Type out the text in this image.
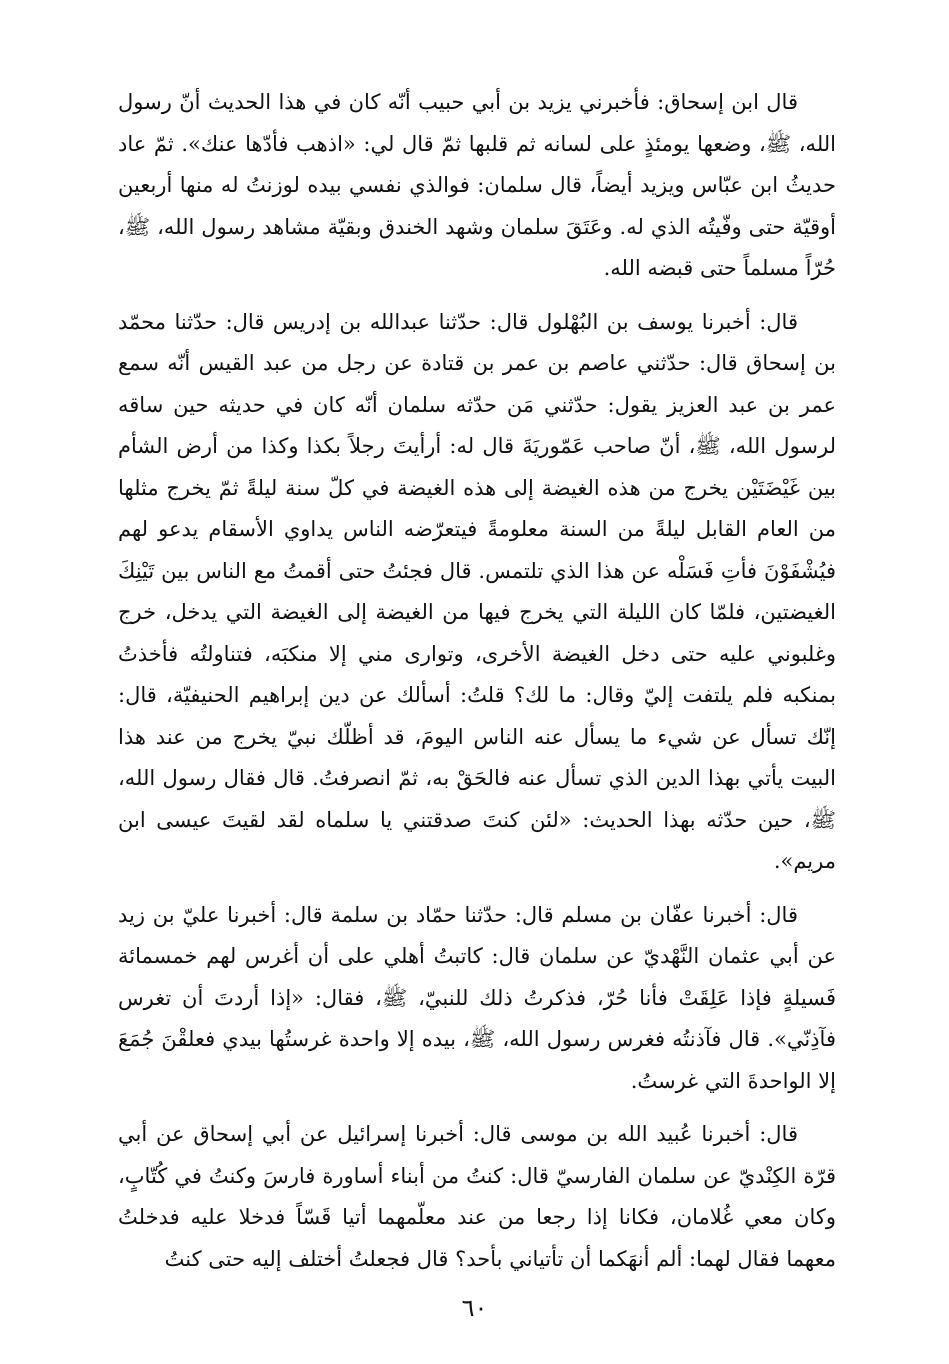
قال ابن إسحاق: فأخبرني يزيد بن أبي حبيب أنّه كان في هذا الحديث أنّ رسول الله، ﷺ، وضعها يومئذٍ على لسانه ثم قلبها ثمّ قال لي: «اذهب فأدّها عنك». ثمّ عاد حديثُ ابن عبّاس ويزيد أيضاً، قال سلمان: فوالذي نفسي بيده لوزنتُ له منها أربعين أوقيّة حتى وفّيتُه الذي له. وعَتَقَ سلمان وشهد الخندق وبقيّة مشاهد رسول الله، ﷺ، حُرّاً مسلماً حتى قبضه الله.

قال: أخبرنا يوسف بن البُهْلول قال: حدّثنا عبدالله بن إدريس قال: حدّثنا محمّد بن إسحاق قال: حدّثني عاصم بن عمر بن قتادة عن رجل من عبد القيس أنّه سمع عمر بن عبد العزيز يقول: حدّثني مَن حدّثه سلمان أنّه كان في حديثه حين ساقه لرسول الله، ﷺ، أنّ صاحب عَمّوريَةَ قال له: أرأيتَ رجلاً بكذا وكذا من أرض الشأم بين غَيْضَتَيْن يخرج من هذه الغيضة إلى هذه الغيضة في كلّ سنة ليلةً ثمّ يخرج مثلها من العام القابل ليلةً من السنة معلومةً فيتعرّضه الناس يداوي الأسقام يدعو لهم فيُشْفَوْنَ فأتِ فَسَلْه عن هذا الذي تلتمس. قال فجئتُ حتى أقمتُ مع الناس بين تَيْنِكَ الغيضتين، فلمّا كان الليلة التي يخرج فيها من الغيضة إلى الغيضة التي يدخل، خرج وغلبوني عليه حتى دخل الغيضة الأخرى، وتوارى مني إلا منكبَه، فتناولتُه فأخذتُ بمنكبه فلم يلتفت إليّ وقال: ما لك؟ قلتُ: أسألك عن دين إبراهيم الحنيفيّة، قال: إنّك تسأل عن شيء ما يسأل عنه الناس اليومَ، قد أظلّك نبيّ يخرج من عند هذا البيت يأتي بهذا الدين الذي تسأل عنه فالحَقْ به، ثمّ انصرفتُ. قال فقال رسول الله، ﷺ، حين حدّثه بهذا الحديث: «لئن كنتَ صدقتني يا سلماه لقد لقيتَ عيسى ابن مريم».

قال: أخبرنا عفّان بن مسلم قال: حدّثنا حمّاد بن سلمة قال: أخبرنا عليّ بن زيد عن أبي عثمان النَّهْديّ عن سلمان قال: كاتبتُ أهلي على أن أغرس لهم خمسمائة فَسيلةٍ فإذا عَلِقَتْ فأنا حُرّ، فذكرتُ ذلك للنبيّ، ﷺ، فقال: «إذا أردتَ أن تغرس فآذِنّي». قال فآذنتُه فغرس رسول الله، ﷺ، بيده إلا واحدة غرستُها بيدي فعلقْنَ جُمَعَ إلا الواحدةَ التي غرستُ.

قال: أخبرنا عُبيد الله بن موسى قال: أخبرنا إسرائيل عن أبي إسحاق عن أبي قرّة الكِنْديّ عن سلمان الفارسيّ قال: كنتُ من أبناء أساورة فارسَ وكنتُ في كُتّابٍ، وكان معي غُلامان، فكانا إذا رجعا من عند معلّمهما أتيا قَسّاً فدخلا عليه فدخلتُ معهما فقال لهما: ألم أنهَكما أن تأتياني بأحد؟ قال فجعلتُ أختلف إليه حتى كنتُ

٦٠
